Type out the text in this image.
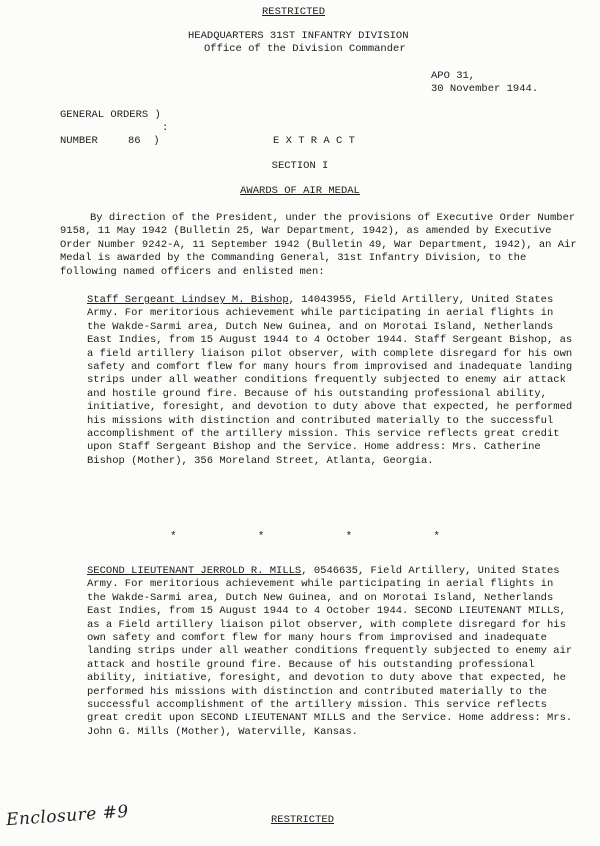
RESTRICTED
HEADQUARTERS 31ST INFANTRY DIVISION
Office of the Division Commander
APO 31,
30 November 1944.
GENERAL ORDERS )
:
NUMBER	86  )	E X T R A C T
SECTION I
AWARDS OF AIR MEDAL
By direction of the President, under the provisions of Executive Order Number 9158, 11 May 1942 (Bulletin 25, War Department, 1942), as amended by Executive Order Number 9242-A, 11 September 1942 (Bulletin 49, War Department, 1942), an Air Medal is awarded by the Commanding General, 31st Infantry Division, to the following named officers and enlisted men:
Staff Sergeant Lindsey M. Bishop, 14043955, Field Artillery, United States Army. For meritorious achievement while participating in aerial flights in the Wakde-Sarmi area, Dutch New Guinea, and on Morotai Island, Netherlands East Indies, from 15 August 1944 to 4 October 1944. Staff Sergeant Bishop, as a field artillery liaison pilot observer, with complete disregard for his own safety and comfort flew for many hours from improvised and inadequate landing strips under all weather conditions frequently subjected to enemy air attack and hostile ground fire. Because of his outstanding professional ability, initiative, foresight, and devotion to duty above that expected, he performed his missions with distinction and contributed materially to the successful accomplishment of the artillery mission. This service reflects great credit upon Staff Sergeant Bishop and the Service. Home address: Mrs. Catherine Bishop (Mother), 356 Moreland Street, Atlanta, Georgia.
*	*	*	*
SECOND LIEUTENANT JERROLD R. MILLS, 0546635, Field Artillery, United States Army. For meritorious achievement while participating in aerial flights in the Wakde-Sarmi area, Dutch New Guinea, and on Morotai Island, Netherlands East Indies, from 15 August 1944 to 4 October 1944. SECOND LIEUTENANT MILLS, as a Field artillery liaison pilot observer, with complete disregard for his own safety and comfort flew for many hours from improvised and inadequate landing strips under all weather conditions frequently subjected to enemy air attack and hostile ground fire. Because of his outstanding professional ability, initiative, foresight, and devotion to duty above that expected, he performed his missions with distinction and contributed materially to the successful accomplishment of the artillery mission. This service reflects great credit upon SECOND LIEUTENANT MILLS and the Service. Home address: Mrs. John G. Mills (Mother), Waterville, Kansas.
Enclosure #9	RESTRICTED
